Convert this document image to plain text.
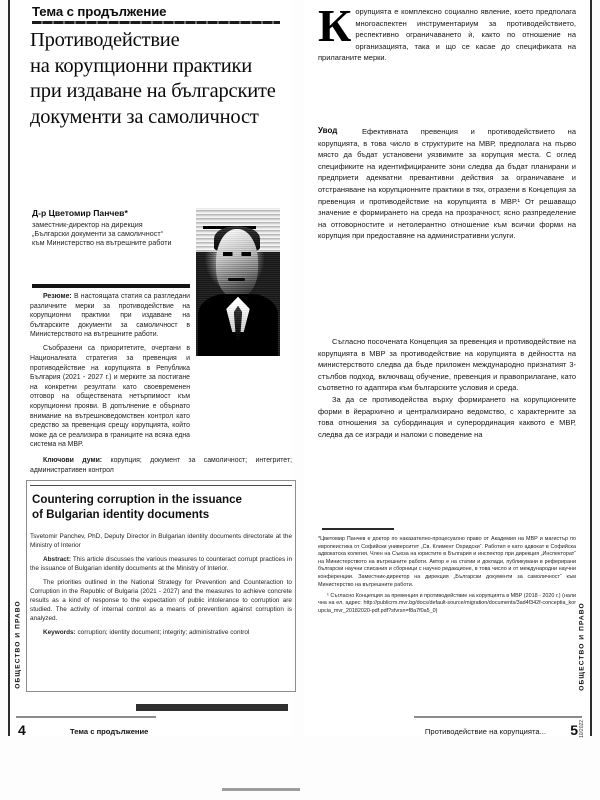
Тема с продължение
Противодействие
на корупционни практики
при издаване на българските
документи за самоличност
Д-р Цветомир Панчев*
заместник-директор на дирекция
„Български документи за самоличност“
към Министерство на вътрешните работи

Резюме: В настоящата статия са разгледани различните мерки за противодействие на корупционни практики при издаване на българските документи за самоличност в Министерството на вътрешните работи.

Съобразени са приоритетите, очертани в Националната стратегия за превенция и противодействие на корупцията в Република България (2021 - 2027 г.) и мерките за постигане на конкретни резултати като своевременен отговор на обществената нетърпимост към корупционни прояви. В допълнение е обърнато внимание на вътрешноведомствен контрол като средство за превенция срещу корупцията, който може да се реализира в границите на всяка една система на МВР.

Ключови думи: корупция; документ за самоличност; интегритет; административен контрол

Countering corruption in the issuance
of Bulgarian identity documents

Tsvetomir Panchev, PhD, Deputy Director in Bulgarian identity documents directorate at the Ministry of Interior

Abstract: This article discusses the various measures to counteract corrupt practices in the issuance of Bulgarian identity documents at the Ministry of Interior.

The priorities outlined in the National Strategy for Prevention and Counteraction to Corruption in the Republic of Bulgaria (2021 - 2027) and the measures to achieve concrete results as a kind of response to the expectation of public intolerance to corruption are studied. The activity of internal control as a means of prevention against corruption is analyzed.

Keywords: corruption; identity document; integrity; administrative control

ОБЩЕСТВО И ПРАВО
4	Тема с продължение
Корупцията е комплексно социално явление, което предполага многоаспектен инструментариум за противодействието, респективно ограничаването ѝ, както по отношение на организацията, така и що се касае до спецификата на прилаганите мерки.
Увод	Ефективната превенция и противодействието на корупцията, в това число в структурите на МВР, предполага на първо място да бъдат установени уязвимите за корупция места. С оглед спецификите на идентифицираните зони следва да бъдат планирани и предприети адекватни превантивни действия за ограничаване и отстраняване на корупционните практики в тях, отразени в Концепция за превенция и противодействие на корупцията в МВР.¹ От решаващо значение е формирането на среда на прозрачност, ясно разпределение на отговорностите и нетолерантно отношение към всички форми на корупция при предоставяне на административни услуги.

Съгласно посочената Концепция за превенция и противодействие на корупцията в МВР за противодействие на корупцията в дейността на министерството следва да бъде приложен международно признатият 3-стълбов подход, включващ обучение, превенция и правоприлагане, като съответно го адаптира към българските условия и среда.

За да се противодейства върху формирането на корупционните форми в йерархично и централизирано ведомство, с характерните за това отношения за субординация и суперординация каквото е МВР, следва да се изгради и наложи с поведение на

*Цветомир Панчев е доктор по наказателно-процесуално право от Академия на МВР и магистър по европеистика от Софийски университет „Св. Климент Охридски“. Работил е като адвокат в Софийска адвокатска колегия. Член на Съюза на юристите в България и инспектор при дирекция „Инспекторат“ на Министерството на вътрешните работи. Автор е на статии и доклади, публикувани в реферирани български научни списания и сборници с научно редакционе, в това число и от международни научни конференции. Заместник-директор на дирекция „Български документи за самоличност“ към Министерство на вътрешните работи.

¹ Съгласно Концепция за превенция и противодействие на корупцията в МВР (2018 - 2020 г.) (налична на ел. адрес: http://publicrm.mvr.bg/docs/default-source/migration/documents/3ad4f342f-conceptia_korupcia_mvr_20182020-pdf.pdf?sfvrsn=f8a7f0a5_0)	ОБЩЕСТВО И ПРАВО
10/2022
Противодействие на корупцията... 5
